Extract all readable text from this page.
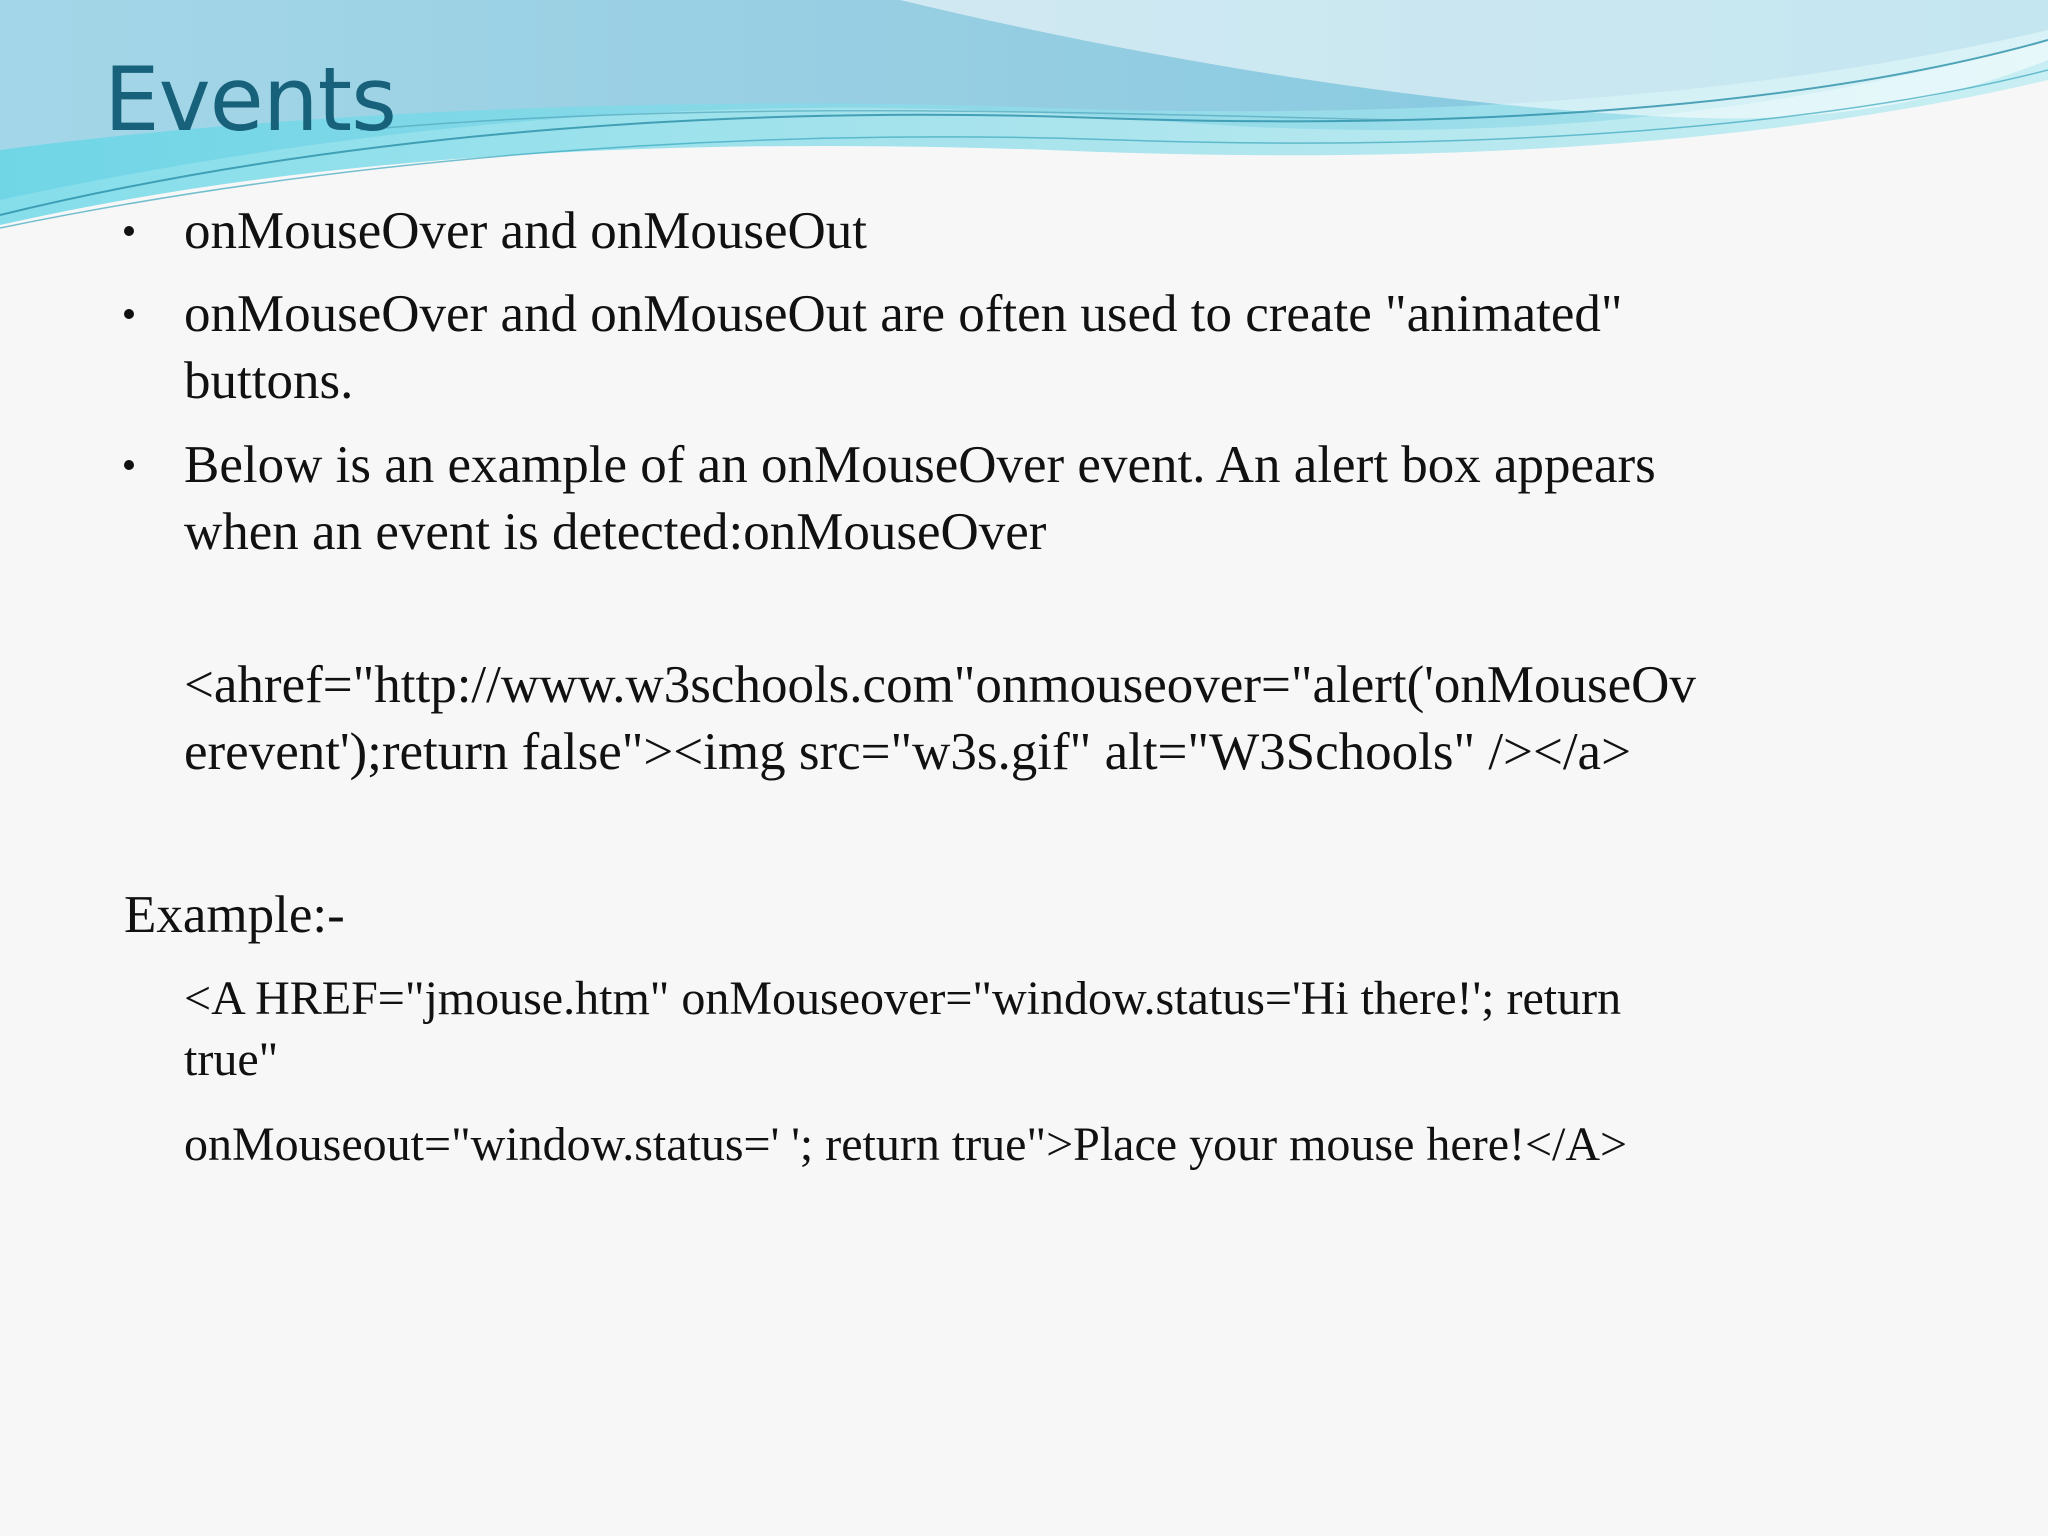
Events
onMouseOver and onMouseOut
onMouseOver and onMouseOut are often used to create "animated"
buttons.
Below is an example of an onMouseOver event. An alert box appears
when an event is detected:onMouseOver
<ahref="http://www.w3schools.com"onmouseover="alert('onMouseOv
erevent');return false"><img src="w3s.gif" alt="W3Schools" /></a>
Example:-
<A HREF="jmouse.htm" onMouseover="window.status='Hi there!'; return
true"
onMouseout="window.status=' '; return true">Place your mouse here!</A>
